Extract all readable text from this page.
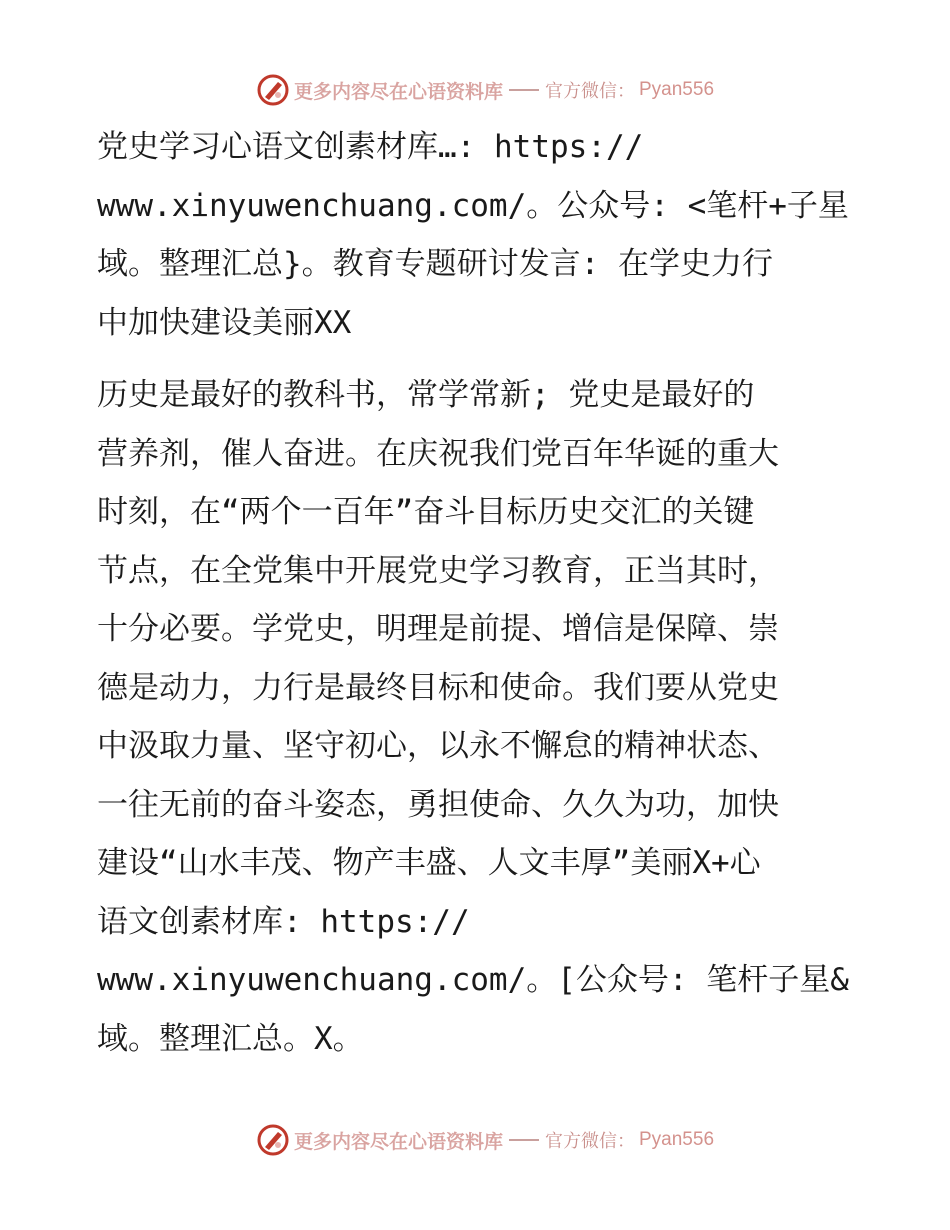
更多内容尽在心语资料库 官方微信： Pyan556
党史学习心语文创素材库…: https://
www.xinyuwenchuang.com/。公众号: <笔杆+子星
域。整理汇总}。教育专题研讨发言: 在学史力行
中加快建设美丽XX
历史是最好的教科书，常学常新; 党史是最好的
营养剂，催人奋进。在庆祝我们党百年华诞的重大
时刻，在“两个一百年”奋斗目标历史交汇的关键
节点，在全党集中开展党史学习教育，正当其时，
十分必要。学党史，明理是前提、增信是保障、崇
德是动力，力行是最终目标和使命。我们要从党史
中汲取力量、坚守初心，以永不懈怠的精神状态、
一往无前的奋斗姿态，勇担使命、久久为功，加快
建设“山水丰茂、物产丰盛、人文丰厚”美丽X+心
语文创素材库: https://
www.xinyuwenchuang.com/。[公众号: 笔杆子星&
域。整理汇总。X。
更多内容尽在心语资料库 官方微信： Pyan556
